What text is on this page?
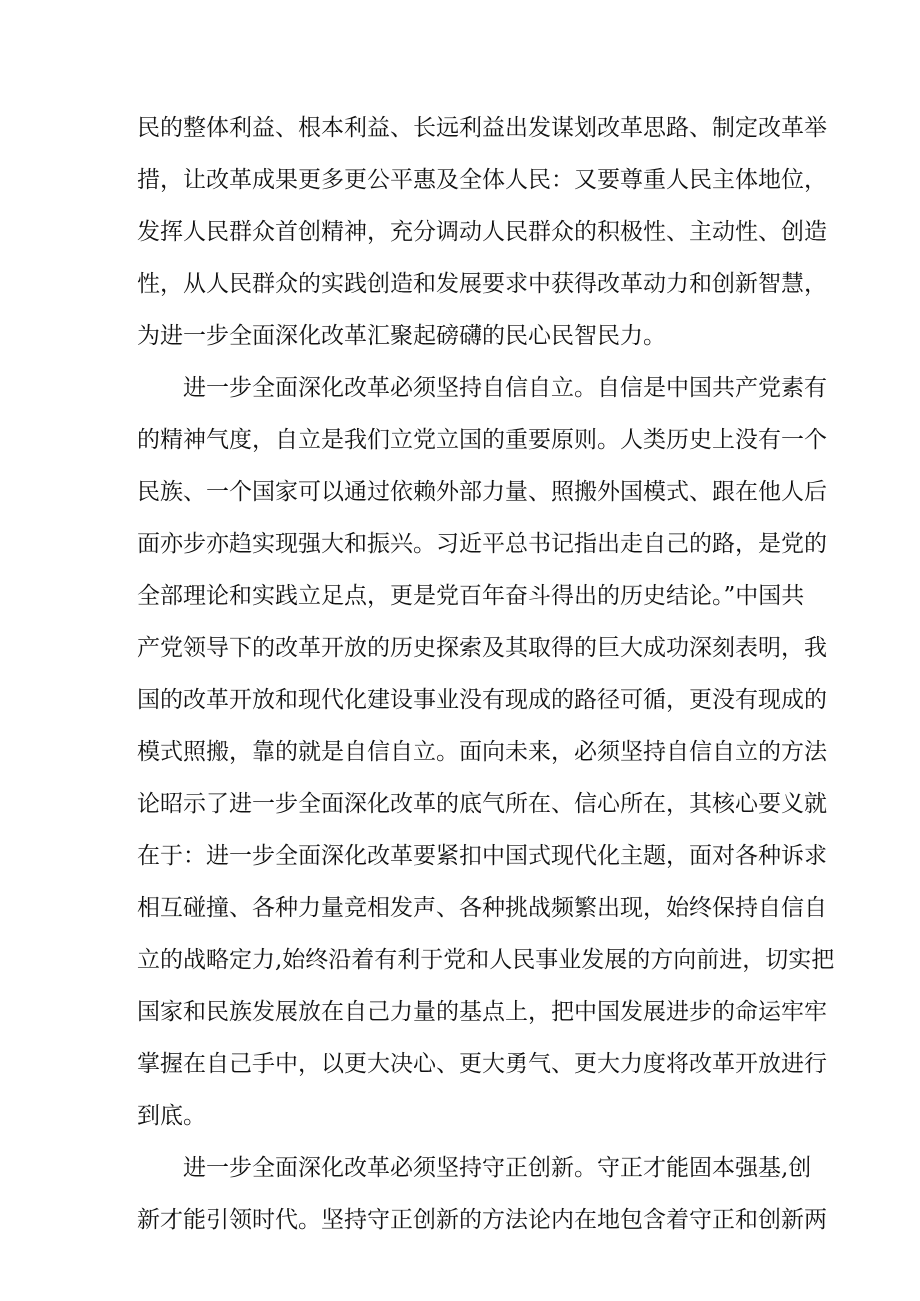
民的整体利益、根本利益、长远利益出发谋划改革思路、制定改革举
措，让改革成果更多更公平惠及全体人民：又要尊重人民主体地位，
发挥人民群众首创精神，充分调动人民群众的积极性、主动性、创造
性，从人民群众的实践创造和发展要求中获得改革动力和创新智慧，
为进一步全面深化改革汇聚起磅礴的民心民智民力。
进一步全面深化改革必须坚持自信自立。自信是中国共产党素有
的精神气度，自立是我们立党立国的重要原则。人类历史上没有一个
民族、一个国家可以通过依赖外部力量、照搬外国模式、跟在他人后
面亦步亦趋实现强大和振兴。习近平总书记指出走自己的路，是党的
全部理论和实践立足点，更是党百年奋斗得出的历史结论。”中国共
产党领导下的改革开放的历史探索及其取得的巨大成功深刻表明，我
国的改革开放和现代化建设事业没有现成的路径可循，更没有现成的
模式照搬，靠的就是自信自立。面向未来，必须坚持自信自立的方法
论昭示了进一步全面深化改革的底气所在、信心所在，其核心要义就
在于：进一步全面深化改革要紧扣中国式现代化主题，面对各种诉求
相互碰撞、各种力量竞相发声、各种挑战频繁出现，始终保持自信自
立的战略定力,始终沿着有利于党和人民事业发展的方向前进，切实把
国家和民族发展放在自己力量的基点上，把中国发展进步的命运牢牢
掌握在自己手中，以更大决心、更大勇气、更大力度将改革开放进行
到底。
进一步全面深化改革必须坚持守正创新。守正才能固本强基,创
新才能引领时代。坚持守正创新的方法论内在地包含着守正和创新两
